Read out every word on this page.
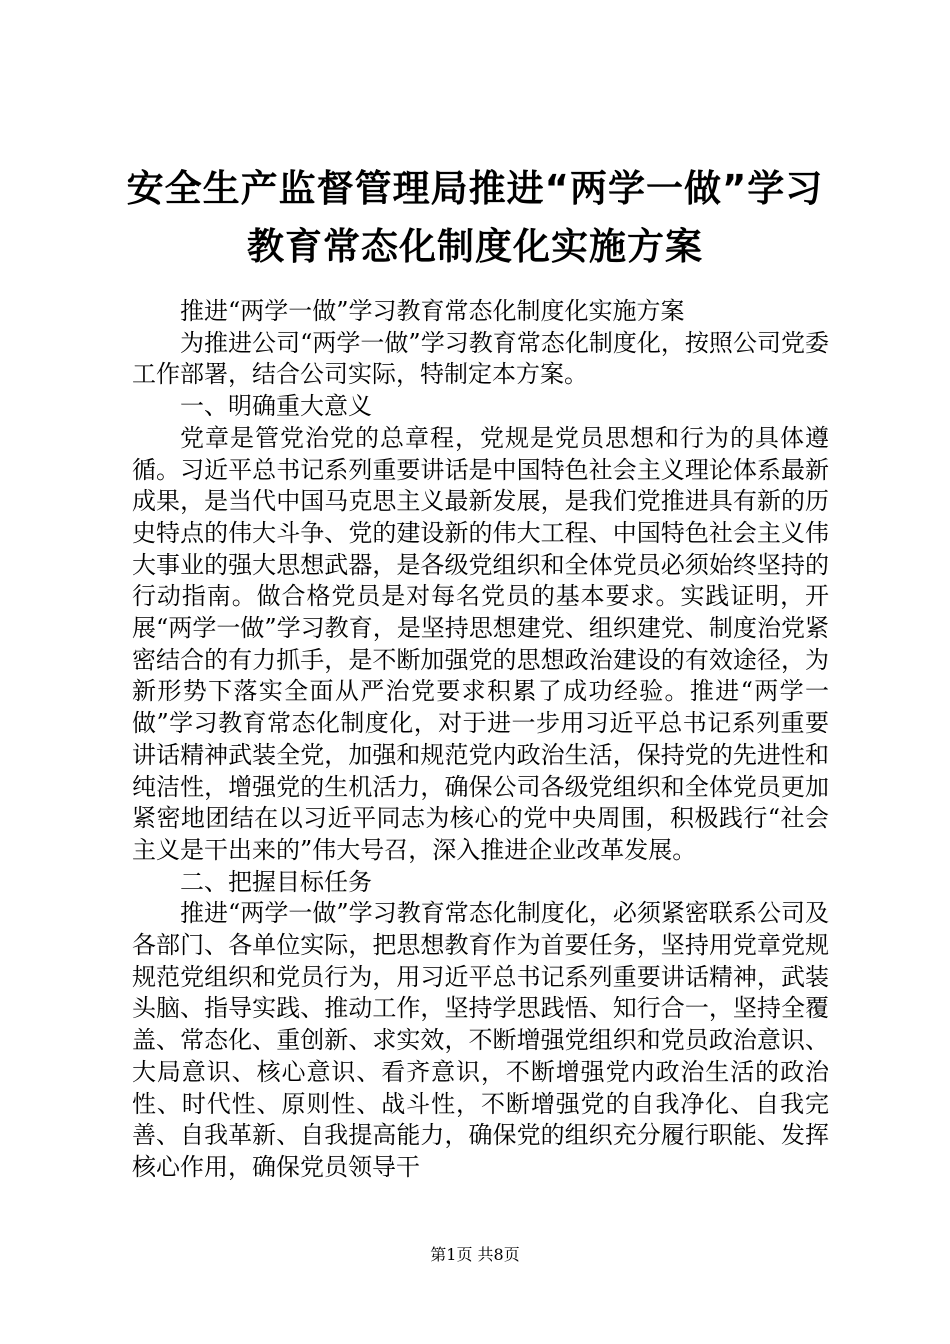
安全生产监督管理局推进“两学一做”学习教育常态化制度化实施方案

推进“两学一做”学习教育常态化制度化实施方案

为推进公司“两学一做”学习教育常态化制度化，按照公司党委工作部署，结合公司实际，特制定本方案。

一、明确重大意义

党章是管党治党的总章程，党规是党员思想和行为的具体遵循。习近平总书记系列重要讲话是中国特色社会主义理论体系最新成果，是当代中国马克思主义最新发展，是我们党推进具有新的历史特点的伟大斗争、党的建设新的伟大工程、中国特色社会主义伟大事业的强大思想武器，是各级党组织和全体党员必须始终坚持的行动指南。做合格党员是对每名党员的基本要求。实践证明，开展“两学一做”学习教育，是坚持思想建党、组织建党、制度治党紧密结合的有力抓手，是不断加强党的思想政治建设的有效途径，为新形势下落实全面从严治党要求积累了成功经验。推进“两学一做”学习教育常态化制度化，对于进一步用习近平总书记系列重要讲话精神武装全党，加强和规范党内政治生活，保持党的先进性和纯洁性，增强党的生机活力，确保公司各级党组织和全体党员更加紧密地团结在以习近平同志为核心的党中央周围，积极践行“社会主义是干出来的”伟大号召，深入推进企业改革发展。

二、把握目标任务

推进“两学一做”学习教育常态化制度化，必须紧密联系公司及各部门、各单位实际，把思想教育作为首要任务，坚持用党章党规规范党组织和党员行为，用习近平总书记系列重要讲话精神，武装头脑、指导实践、推动工作，坚持学思践悟、知行合一，坚持全覆盖、常态化、重创新、求实效，不断增强党组织和党员政治意识、大局意识、核心意识、看齐意识，不断增强党内政治生活的政治性、时代性、原则性、战斗性，不断增强党的自我净化、自我完善、自我革新、自我提高能力，确保党的组织充分履行职能、发挥核心作用，确保党员领导干

第1页 共8页
